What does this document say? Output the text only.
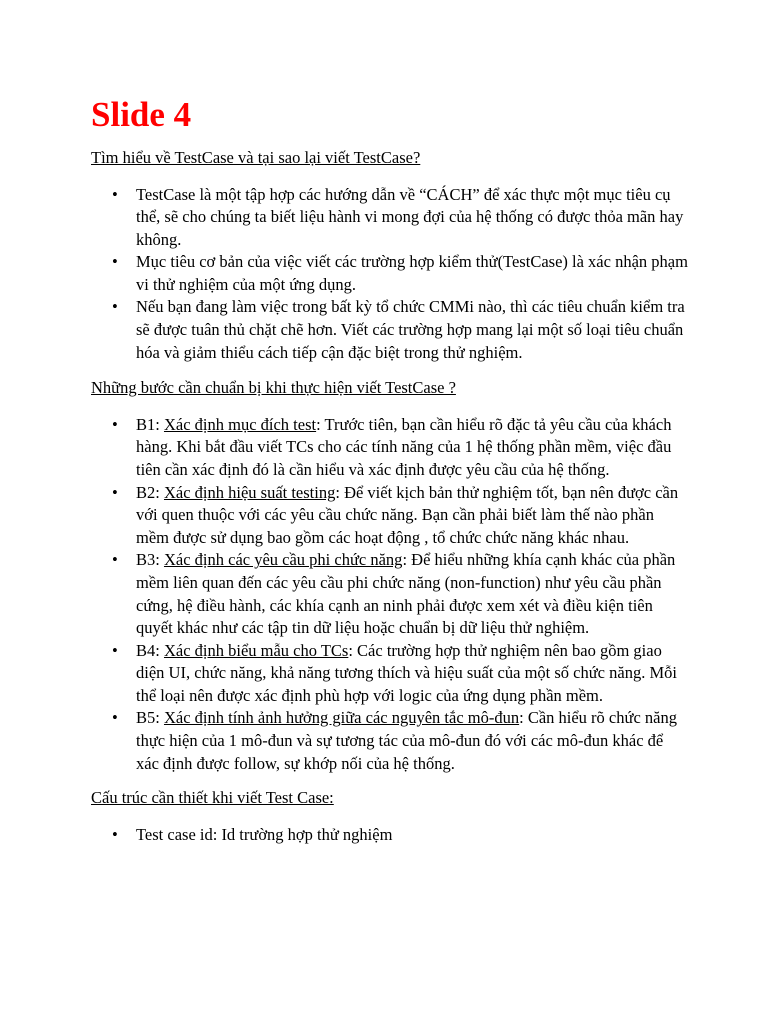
Slide 4

Tìm hiểu về TestCase và tại sao lại viết TestCase?

• TestCase là một tập hợp các hướng dẫn về “CÁCH” để xác thực một mục tiêu cụ thể, sẽ cho chúng ta biết liệu hành vi mong đợi của hệ thống có được thỏa mãn hay không.
• Mục tiêu cơ bản của việc viết các trường hợp kiểm thử(TestCase) là xác nhận phạm vi thử nghiệm của một ứng dụng.
• Nếu bạn đang làm việc trong bất kỳ tổ chức CMMi nào, thì các tiêu chuẩn kiểm tra sẽ được tuân thủ chặt chẽ hơn. Viết các trường hợp mang lại một số loại tiêu chuẩn hóa và giảm thiểu cách tiếp cận đặc biệt trong thử nghiệm.

Những bước cần chuẩn bị khi thực hiện viết TestCase ?

• B1: Xác định mục đích test: Trước tiên, bạn cần hiểu rõ đặc tả yêu cầu của khách hàng. Khi bắt đầu viết TCs cho các tính năng của 1 hệ thống phần mềm, việc đầu tiên cần xác định đó là cần hiểu và xác định được yêu cầu của hệ thống.
• B2: Xác định hiệu suất testing: Để viết kịch bản thử nghiệm tốt, bạn nên được cần với quen thuộc với các yêu cầu chức năng. Bạn cần phải biết làm thế nào phần mềm được sử dụng bao gồm các hoạt động , tổ chức chức năng khác nhau.
• B3: Xác định các yêu cầu phi chức năng: Để hiểu những khía cạnh khác của phần mềm liên quan đến các yêu cầu phi chức năng (non-function) như yêu cầu phần cứng, hệ điều hành, các khía cạnh an ninh phải được xem xét và điều kiện tiên quyết khác như các tập tin dữ liệu hoặc chuẩn bị dữ liệu thử nghiệm.
• B4: Xác định biểu mẫu cho TCs: Các trường hợp thử nghiệm nên bao gồm giao diện UI, chức năng, khả năng tương thích và hiệu suất của một số chức năng. Mỗi thể loại nên được xác định phù hợp với logic của ứng dụng phần mềm.
• B5: Xác định tính ảnh hưởng giữa các nguyên tắc mô-đun: Cần hiểu rõ chức năng thực hiện của 1 mô-đun và sự tương tác của mô-đun đó với các mô-đun khác để xác định được follow, sự khớp nối của hệ thống.

Cấu trúc cần thiết khi viết Test Case:

• Test case id: Id trường hợp thử nghiệm
